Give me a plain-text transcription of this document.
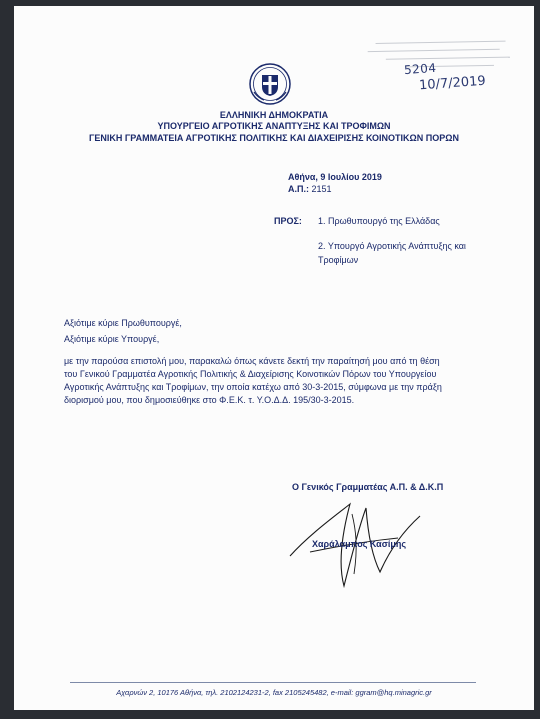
5204
10/7/2019
ΕΛΛΗΝΙΚΗ ΔΗΜΟΚΡΑΤΙΑ
ΥΠΟΥΡΓΕΙΟ ΑΓΡΟΤΙΚΗΣ ΑΝΑΠΤΥΞΗΣ ΚΑΙ ΤΡΟΦΙΜΩΝ
ΓΕΝΙΚΗ ΓΡΑΜΜΑΤΕΙΑ ΑΓΡΟΤΙΚΗΣ ΠΟΛΙΤΙΚΗΣ ΚΑΙ ΔΙΑΧΕΙΡΙΣΗΣ ΚΟΙΝΟΤΙΚΩΝ ΠΟΡΩΝ
Αθήνα, 9 Ιουλίου 2019
Α.Π.: 2151
ΠΡΟΣ: 1. Πρωθυπουργό της Ελλάδας
2. Υπουργό Αγροτικής Ανάπτυξης και Τροφίμων
Αξιότιμε κύριε Πρωθυπουργέ,
Αξιότιμε κύριε Υπουργέ,
με την παρούσα επιστολή μου, παρακαλώ όπως κάνετε δεκτή την παραίτησή μου από τη θέση
του Γενικού Γραμματέα Αγροτικής Πολιτικής & Διαχείρισης Κοινοτικών Πόρων του Υπουργείου
Αγροτικής Ανάπτυξης και Τροφίμων, την οποία κατέχω από 30-3-2015, σύμφωνα με την πράξη
διορισμού μου, που δημοσιεύθηκε στο Φ.Ε.Κ. τ. Υ.Ο.Δ.Δ. 195/30-3-2015.
Ο Γενικός Γραμματέας Α.Π. & Δ.Κ.Π
Χαράλαμπος Κασίμης
Αχαρνών 2, 10176 Αθήνα, τηλ. 2102124231-2, fax 2105245482, e-mail: ggram@hq.minagric.gr
